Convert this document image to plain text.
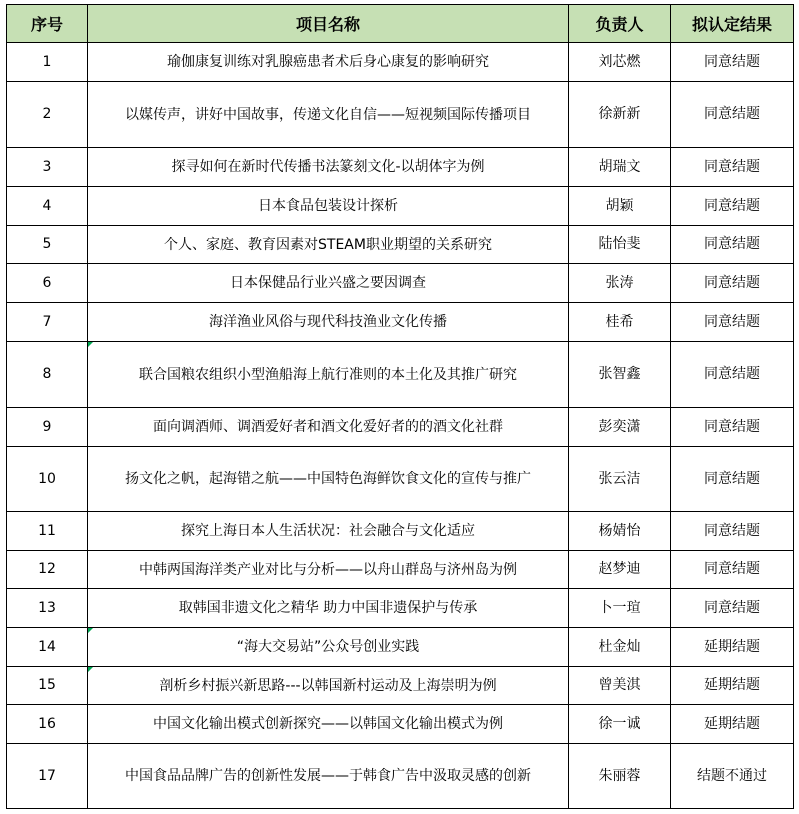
序号	项目名称	负责人	拟认定结果
1	瑜伽康复训练对乳腺癌患者术后身心康复的影响研究	刘芯燃	同意结题
2	以媒传声，讲好中国故事，传递文化自信——短视频国际传播项目	徐新新	同意结题
3	探寻如何在新时代传播书法篆刻文化-以胡体字为例	胡瑞文	同意结题
4	日本食品包装设计探析	胡颖	同意结题
5	个人、家庭、教育因素对STEAM职业期望的关系研究	陆怡斐	同意结题
6	日本保健品行业兴盛之要因调查	张涛	同意结题
7	海洋渔业风俗与现代科技渔业文化传播	桂希	同意结题
8	联合国粮农组织小型渔船海上航行准则的本土化及其推广研究	张智鑫	同意结题
9	面向调酒师、调酒爱好者和酒文化爱好者的的酒文化社群	彭奕潇	同意结题
10	扬文化之帆，起海错之航——中国特色海鲜饮食文化的宣传与推广	张云洁	同意结题
11	探究上海日本人生活状况：社会融合与文化适应	杨婧怡	同意结题
12	中韩两国海洋类产业对比与分析——以舟山群岛与济州岛为例	赵梦迪	同意结题
13	取韩国非遗文化之精华 助力中国非遗保护与传承	卜一瑄	同意结题
14	“海大交易站”公众号创业实践	杜金灿	延期结题
15	剖析乡村振兴新思路---以韩国新村运动及上海崇明为例	曾美淇	延期结题
16	中国文化输出模式创新探究——以韩国文化输出模式为例	徐一诚	延期结题
17	中国食品品牌广告的创新性发展——于韩食广告中汲取灵感的创新	朱丽蓉	结题不通过
